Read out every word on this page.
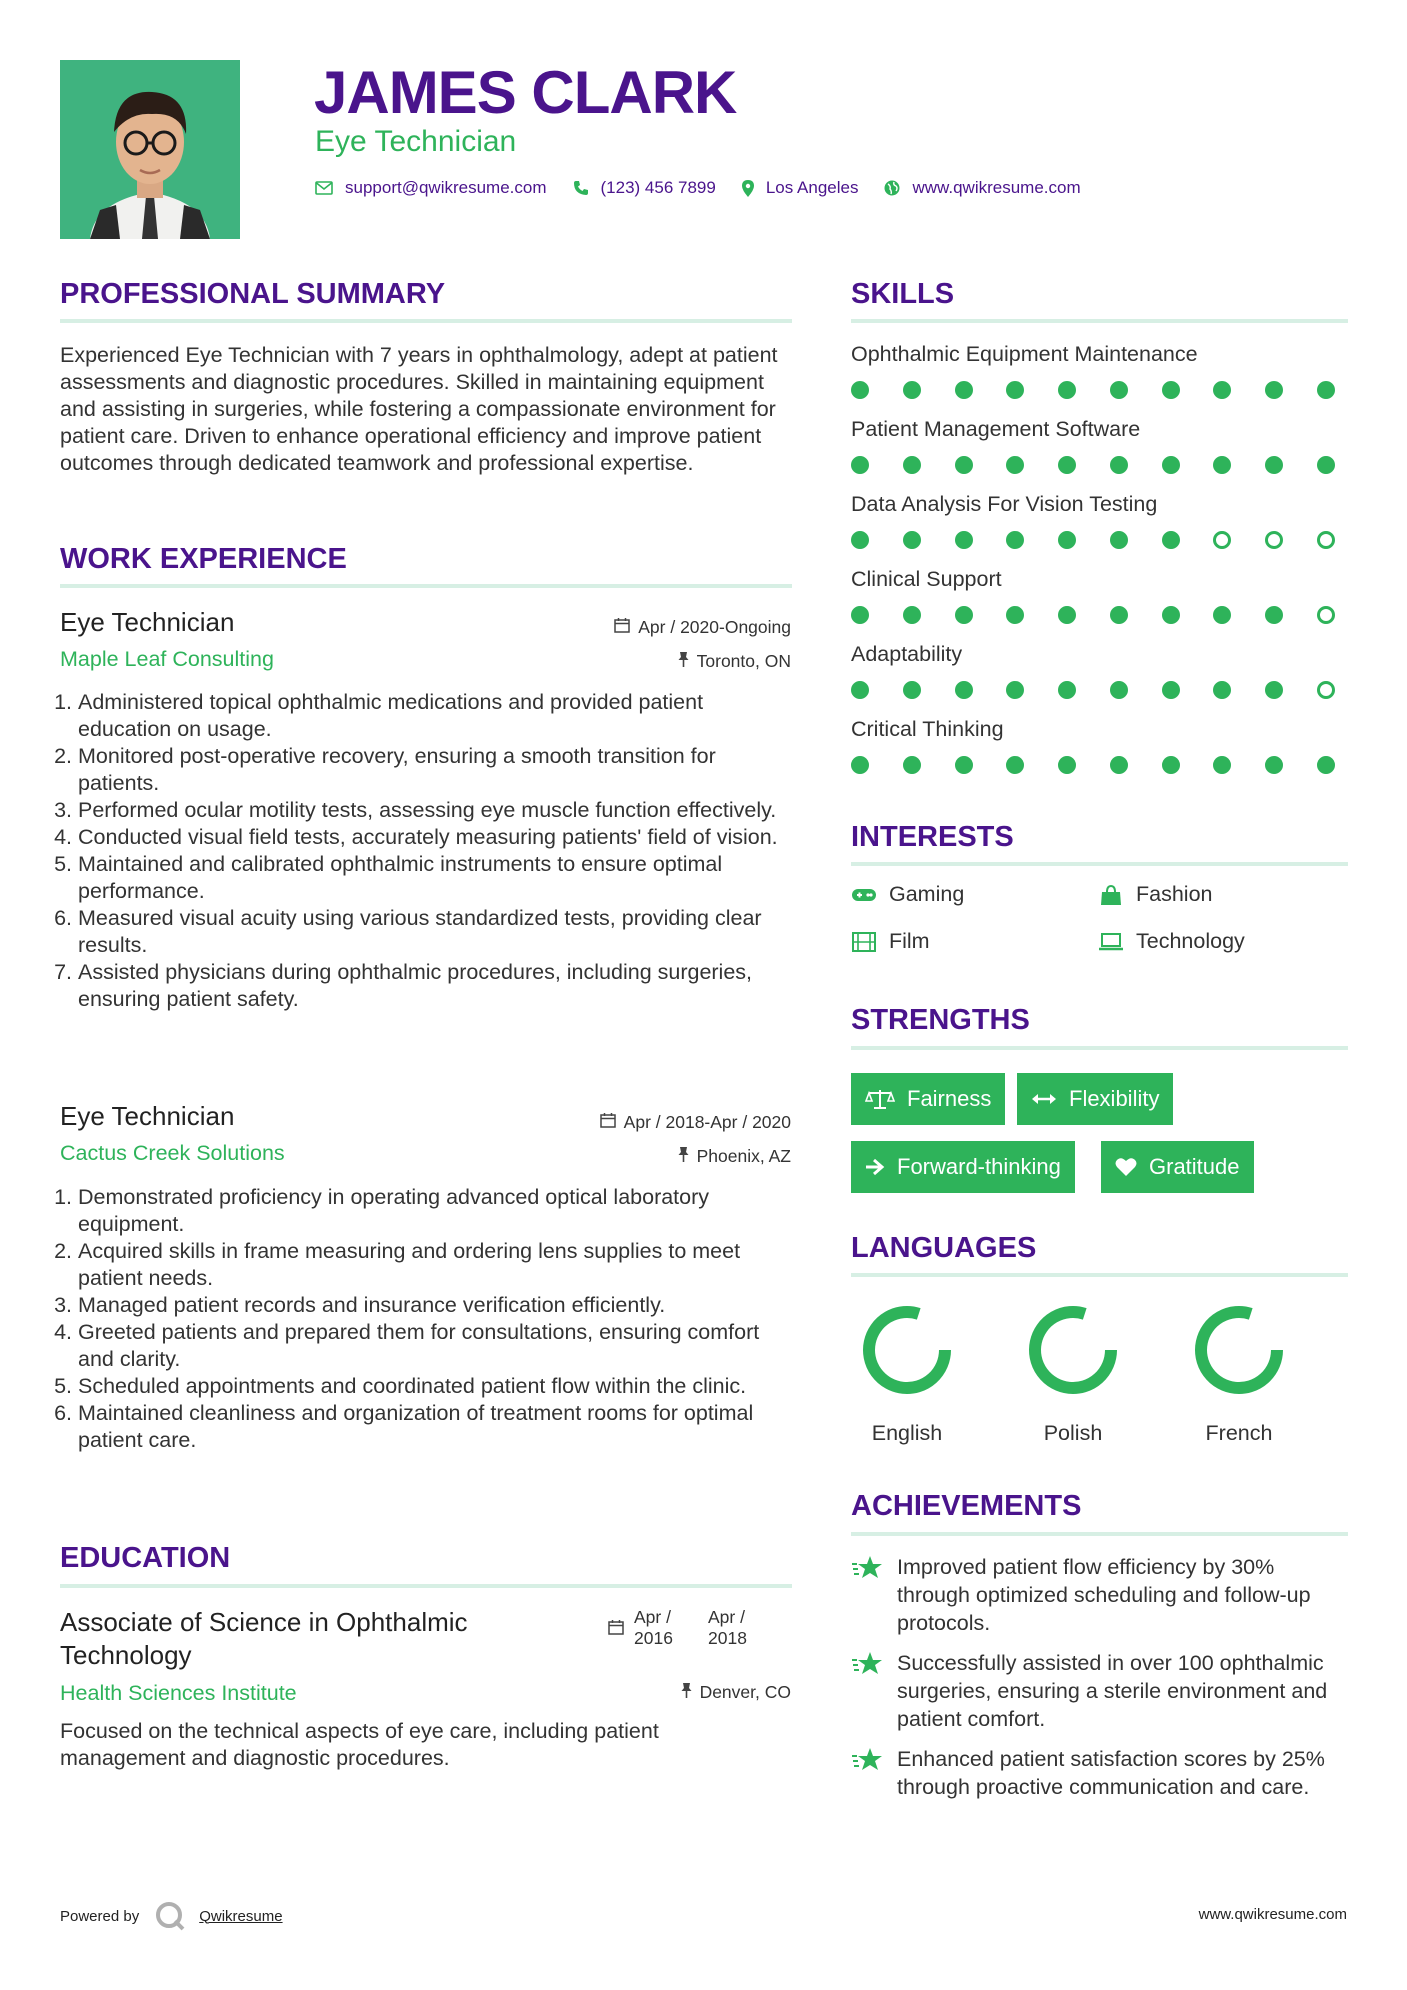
JAMES CLARK
Eye Technician
support@qwikresume.com	(123) 456 7899	Los Angeles	www.qwikresume.com
PROFESSIONAL SUMMARY
Experienced Eye Technician with 7 years in ophthalmology, adept at patient assessments and diagnostic procedures. Skilled in maintaining equipment and assisting in surgeries, while fostering a compassionate environment for patient care. Driven to enhance operational efficiency and improve patient outcomes through dedicated teamwork and professional expertise.
WORK EXPERIENCE
Eye Technician	Apr / 2020-Ongoing
Maple Leaf Consulting	Toronto, ON
1. Administered topical ophthalmic medications and provided patient education on usage.
2. Monitored post-operative recovery, ensuring a smooth transition for patients.
3. Performed ocular motility tests, assessing eye muscle function effectively.
4. Conducted visual field tests, accurately measuring patients' field of vision.
5. Maintained and calibrated ophthalmic instruments to ensure optimal performance.
6. Measured visual acuity using various standardized tests, providing clear results.
7. Assisted physicians during ophthalmic procedures, including surgeries, ensuring patient safety.
Eye Technician	Apr / 2018-Apr / 2020
Cactus Creek Solutions	Phoenix, AZ
1. Demonstrated proficiency in operating advanced optical laboratory equipment.
2. Acquired skills in frame measuring and ordering lens supplies to meet patient needs.
3. Managed patient records and insurance verification efficiently.
4. Greeted patients and prepared them for consultations, ensuring comfort and clarity.
5. Scheduled appointments and coordinated patient flow within the clinic.
6. Maintained cleanliness and organization of treatment rooms for optimal patient care.
EDUCATION
Associate of Science in Ophthalmic Technology
Apr / 2016
Apr / 2018
Health Sciences Institute	Denver, CO
Focused on the technical aspects of eye care, including patient management and diagnostic procedures.
SKILLS
Ophthalmic Equipment Maintenance
Patient Management Software
Data Analysis For Vision Testing
Clinical Support
Adaptability
Critical Thinking
INTERESTS
Gaming	Fashion
Film	Technology
STRENGTHS
Fairness	Flexibility
Forward-thinking	Gratitude
LANGUAGES
English	Polish	French
ACHIEVEMENTS
Improved patient flow efficiency by 30% through optimized scheduling and follow-up protocols.
Successfully assisted in over 100 ophthalmic surgeries, ensuring a sterile environment and patient comfort.
Enhanced patient satisfaction scores by 25% through proactive communication and care.
Powered by	Qwikresume	www.qwikresume.com
